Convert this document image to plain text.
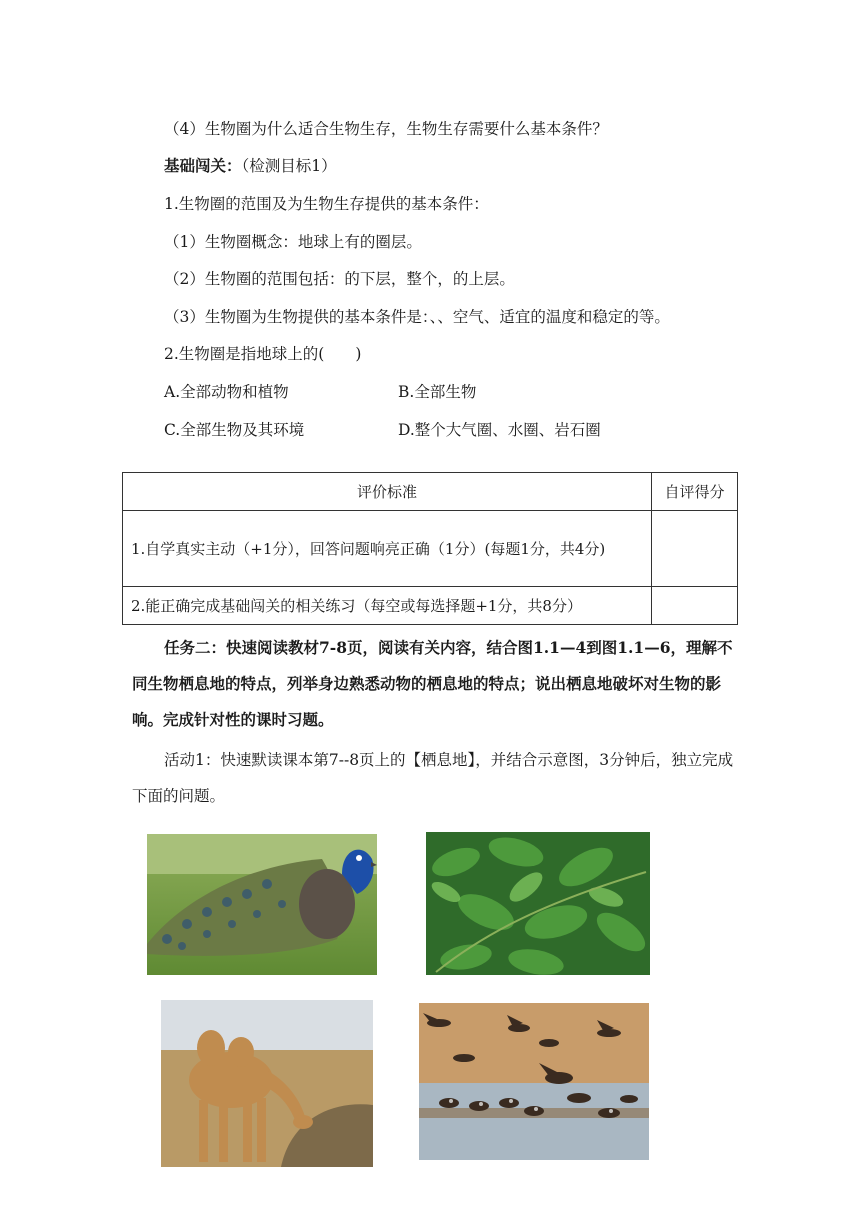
（4）生物圈为什么适合生物生存，生物生存需要什么基本条件？
基础闯关：（检测目标1）
1.生物圈的范围及为生物生存提供的基本条件：
（1）生物圈概念：地球上有的圈层。
（2）生物圈的范围包括：的下层，整个，的上层。
（3）生物圈为生物提供的基本条件是：、、空气、适宜的温度和稳定的等。
2.生物圈是指地球上的(　　)
A.全部动物和植物	B.全部生物
C.全部生物及其环境	D.整个大气圈、水圈、岩石圈
评价标准	自评得分
1.自学真实主动（+1分），回答问题响亮正确（1分）(每题1分，共4分)	
2.能正确完成基础闯关的相关练习（每空或每选择题+1分，共8分）	
任务二：快速阅读教材7-8页，阅读有关内容，结合图1.1—4到图1.1—6，理解不同生物栖息地的特点，列举身边熟悉动物的栖息地的特点；说出栖息地破坏对生物的影响。完成针对性的课时习题。
活动1：快速默读课本第7--8页上的【栖息地】，并结合示意图，3分钟后，独立完成下面的问题。
